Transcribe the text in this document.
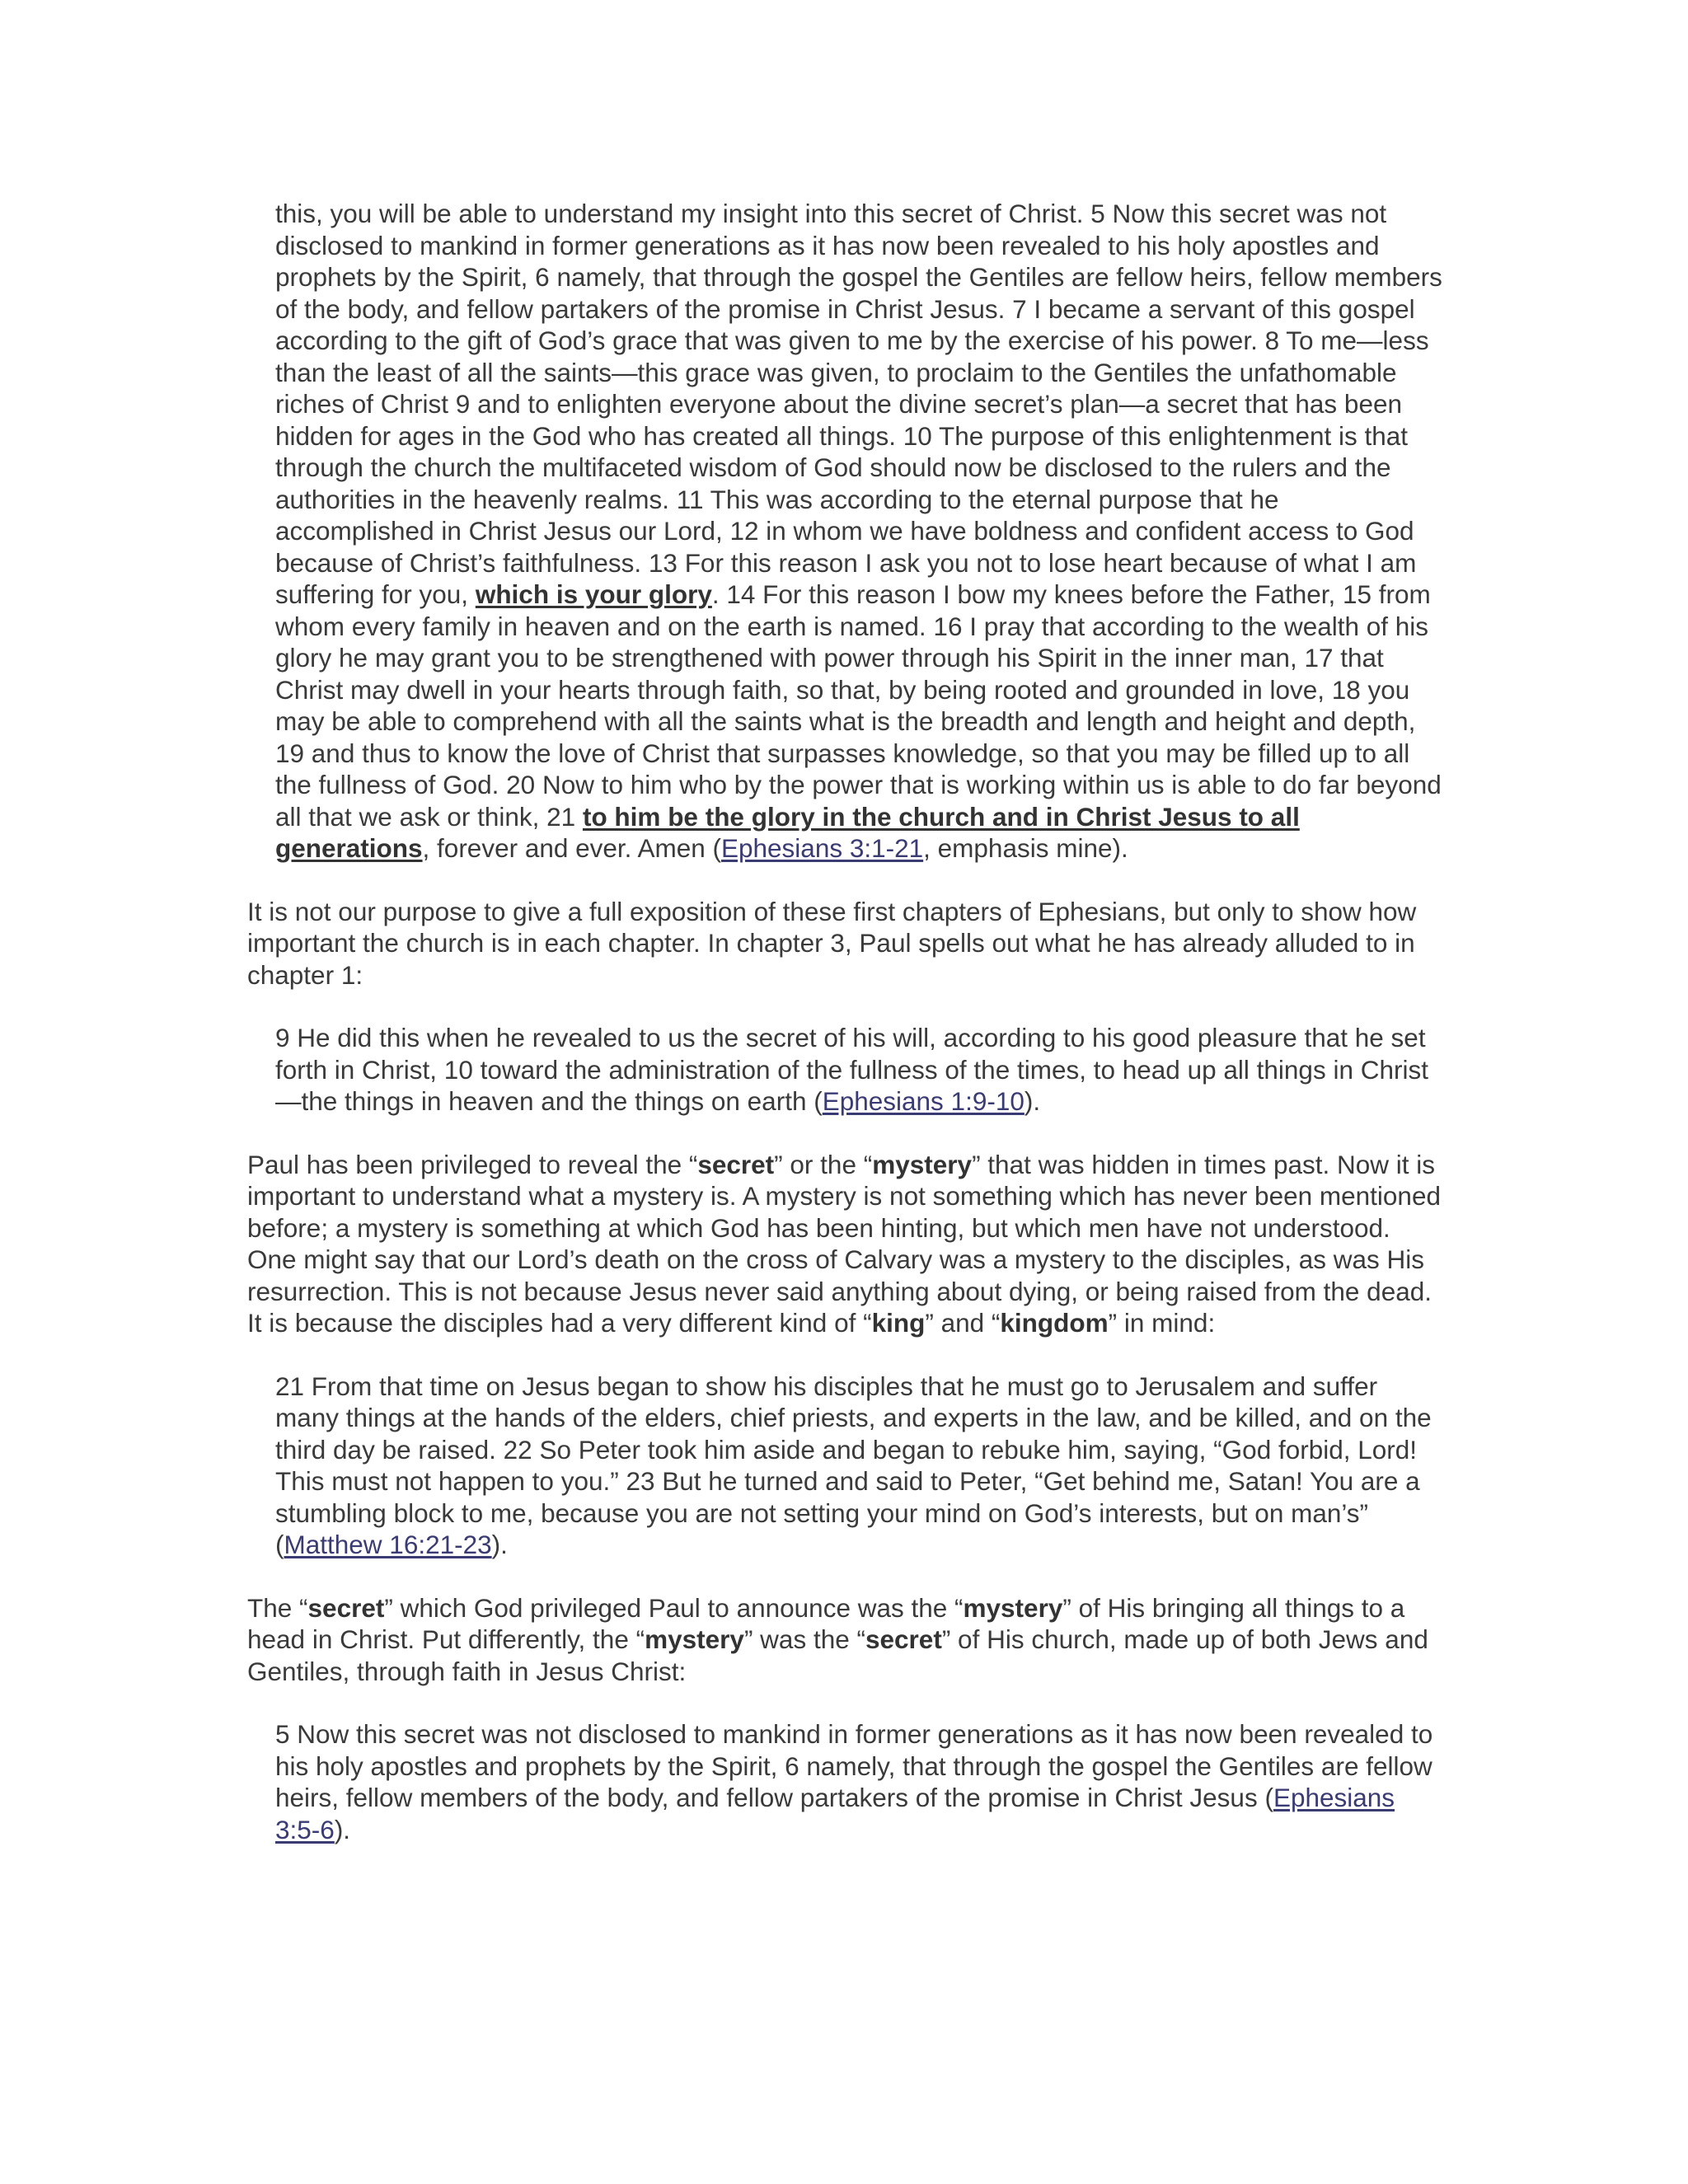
this, you will be able to understand my insight into this secret of Christ. 5 Now this secret was not disclosed to mankind in former generations as it has now been revealed to his holy apostles and prophets by the Spirit, 6 namely, that through the gospel the Gentiles are fellow heirs, fellow members of the body, and fellow partakers of the promise in Christ Jesus. 7 I became a servant of this gospel according to the gift of God’s grace that was given to me by the exercise of his power. 8 To me—less than the least of all the saints—this grace was given, to proclaim to the Gentiles the unfathomable riches of Christ 9 and to enlighten everyone about the divine secret’s plan—a secret that has been hidden for ages in the God who has created all things. 10 The purpose of this enlightenment is that through the church the multifaceted wisdom of God should now be disclosed to the rulers and the authorities in the heavenly realms. 11 This was according to the eternal purpose that he accomplished in Christ Jesus our Lord, 12 in whom we have boldness and confident access to God because of Christ’s faithfulness. 13 For this reason I ask you not to lose heart because of what I am suffering for you, which is your glory. 14 For this reason I bow my knees before the Father, 15 from whom every family in heaven and on the earth is named. 16 I pray that according to the wealth of his glory he may grant you to be strengthened with power through his Spirit in the inner man, 17 that Christ may dwell in your hearts through faith, so that, by being rooted and grounded in love, 18 you may be able to comprehend with all the saints what is the breadth and length and height and depth, 19 and thus to know the love of Christ that surpasses knowledge, so that you may be filled up to all the fullness of God. 20 Now to him who by the power that is working within us is able to do far beyond all that we ask or think, 21 to him be the glory in the church and in Christ Jesus to all generations, forever and ever. Amen (Ephesians 3:1-21, emphasis mine).

It is not our purpose to give a full exposition of these first chapters of Ephesians, but only to show how important the church is in each chapter. In chapter 3, Paul spells out what he has already alluded to in chapter 1:

9 He did this when he revealed to us the secret of his will, according to his good pleasure that he set forth in Christ, 10 toward the administration of the fullness of the times, to head up all things in Christ—the things in heaven and the things on earth (Ephesians 1:9-10).

Paul has been privileged to reveal the “secret” or the “mystery” that was hidden in times past. Now it is important to understand what a mystery is. A mystery is not something which has never been mentioned before; a mystery is something at which God has been hinting, but which men have not understood. One might say that our Lord’s death on the cross of Calvary was a mystery to the disciples, as was His resurrection. This is not because Jesus never said anything about dying, or being raised from the dead. It is because the disciples had a very different kind of “king” and “kingdom” in mind:

21 From that time on Jesus began to show his disciples that he must go to Jerusalem and suffer many things at the hands of the elders, chief priests, and experts in the law, and be killed, and on the third day be raised. 22 So Peter took him aside and began to rebuke him, saying, “God forbid, Lord! This must not happen to you.” 23 But he turned and said to Peter, “Get behind me, Satan! You are a stumbling block to me, because you are not setting your mind on God’s interests, but on man’s” (Matthew 16:21-23).

The “secret” which God privileged Paul to announce was the “mystery” of His bringing all things to a head in Christ. Put differently, the “mystery” was the “secret” of His church, made up of both Jews and Gentiles, through faith in Jesus Christ:

5 Now this secret was not disclosed to mankind in former generations as it has now been revealed to his holy apostles and prophets by the Spirit, 6 namely, that through the gospel the Gentiles are fellow heirs, fellow members of the body, and fellow partakers of the promise in Christ Jesus (Ephesians 3:5-6).
